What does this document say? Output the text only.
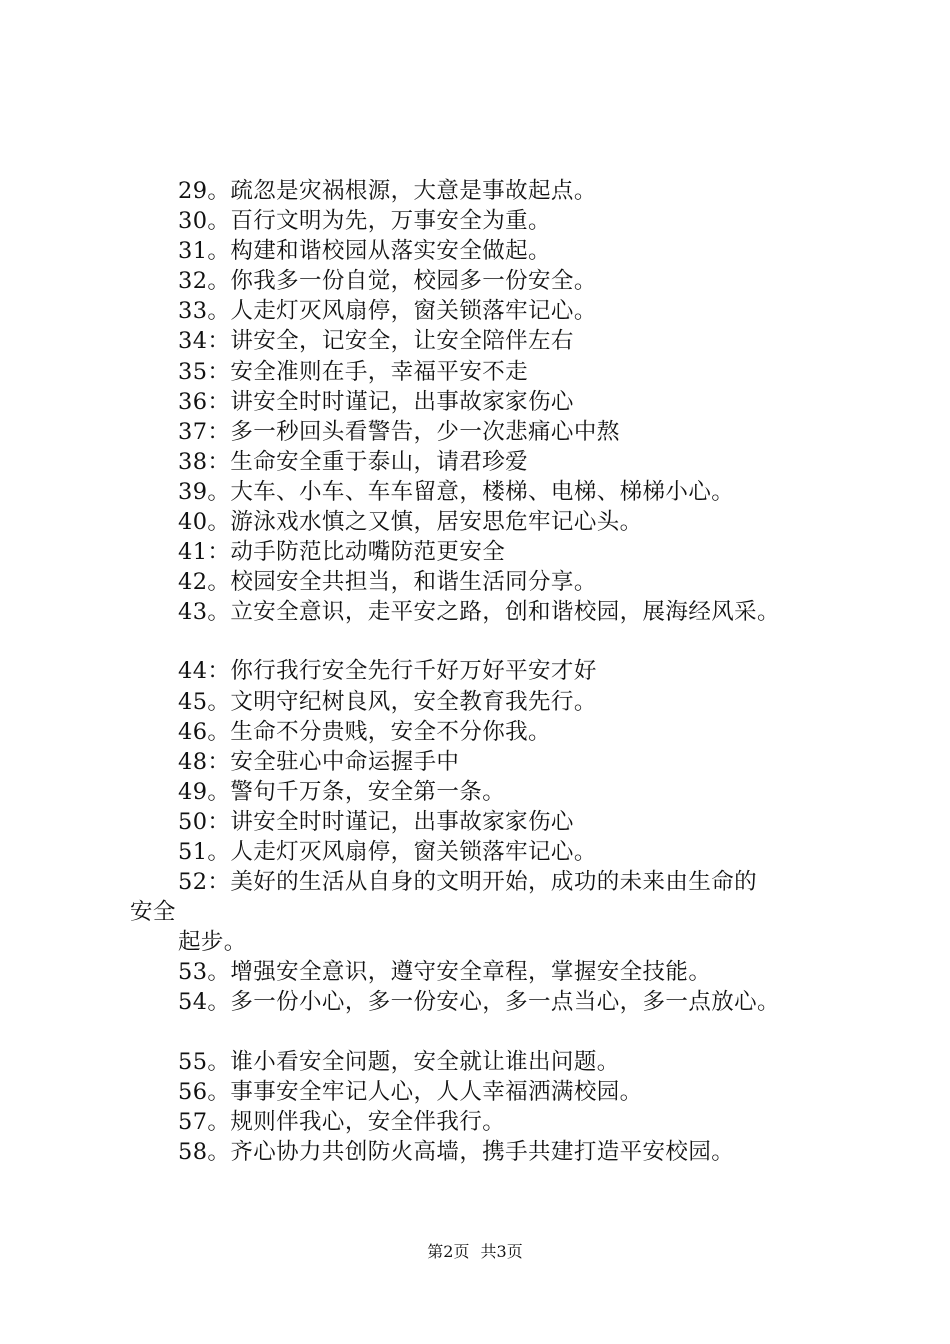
29。疏忽是灾祸根源，大意是事故起点。
30。百行文明为先，万事安全为重。
31。构建和谐校园从落实安全做起。
32。你我多一份自觉，校园多一份安全。
33。人走灯灭风扇停，窗关锁落牢记心。
34：讲安全，记安全，让安全陪伴左右
35：安全准则在手，幸福平安不走
36：讲安全时时谨记，出事故家家伤心
37：多一秒回头看警告，少一次悲痛心中熬
38：生命安全重于泰山，请君珍爱
39。大车、小车、车车留意，楼梯、电梯、梯梯小心。
40。游泳戏水慎之又慎，居安思危牢记心头。
41：动手防范比动嘴防范更安全
42。校园安全共担当，和谐生活同分享。
43。立安全意识，走平安之路，创和谐校园，展海经风采。
44：你行我行安全先行千好万好平安才好
45。文明守纪树良风，安全教育我先行。
46。生命不分贵贱，安全不分你我。
48：安全驻心中命运握手中
49。警句千万条，安全第一条。
50：讲安全时时谨记，出事故家家伤心
51。人走灯灭风扇停，窗关锁落牢记心。
52：美好的生活从自身的文明开始，成功的未来由生命的
安全
起步。
53。增强安全意识，遵守安全章程，掌握安全技能。
54。多一份小心，多一份安心，多一点当心，多一点放心。
55。谁小看安全问题，安全就让谁出问题。
56。事事安全牢记人心，人人幸福洒满校园。
57。规则伴我心，安全伴我行。
58。齐心协力共创防火高墙，携手共建打造平安校园。
第2页 共3页
